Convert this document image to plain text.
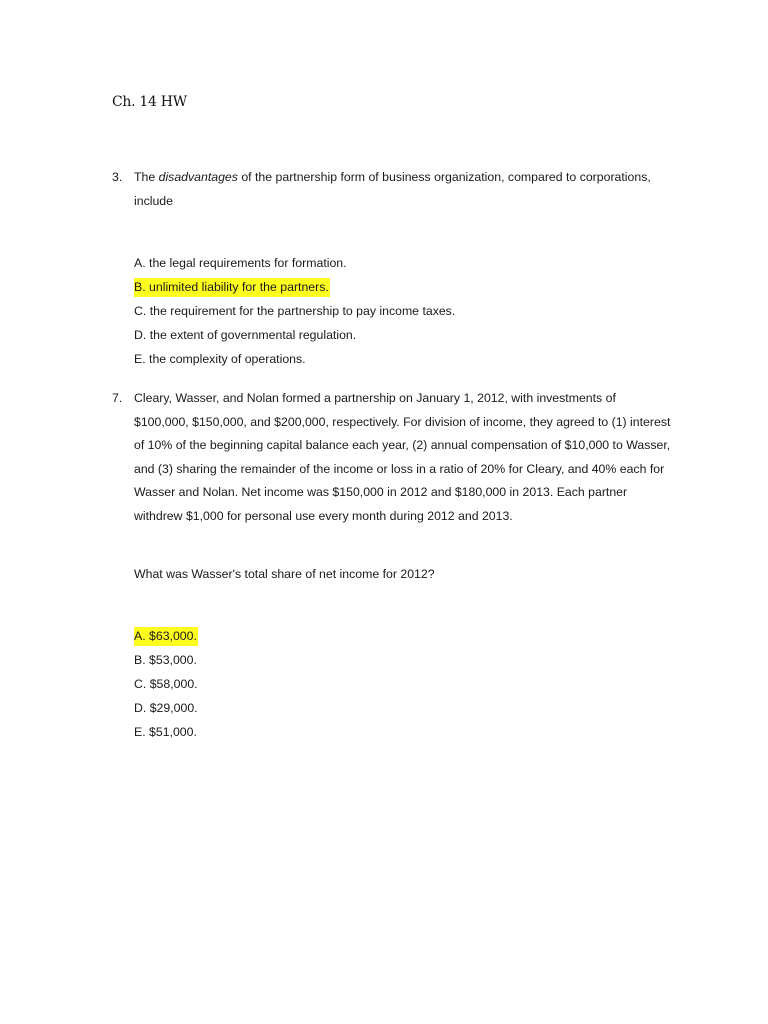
Ch. 14 HW
3. The disadvantages of the partnership form of business organization, compared to corporations, include
A. the legal requirements for formation.
B. unlimited liability for the partners.
C. the requirement for the partnership to pay income taxes.
D. the extent of governmental regulation.
E. the complexity of operations.
7. Cleary, Wasser, and Nolan formed a partnership on January 1, 2012, with investments of $100,000, $150,000, and $200,000, respectively. For division of income, they agreed to (1) interest of 10% of the beginning capital balance each year, (2) annual compensation of $10,000 to Wasser, and (3) sharing the remainder of the income or loss in a ratio of 20% for Cleary, and 40% each for Wasser and Nolan. Net income was $150,000 in 2012 and $180,000 in 2013. Each partner withdrew $1,000 for personal use every month during 2012 and 2013.
What was Wasser's total share of net income for 2012?
A. $63,000.
B. $53,000.
C. $58,000.
D. $29,000.
E. $51,000.
